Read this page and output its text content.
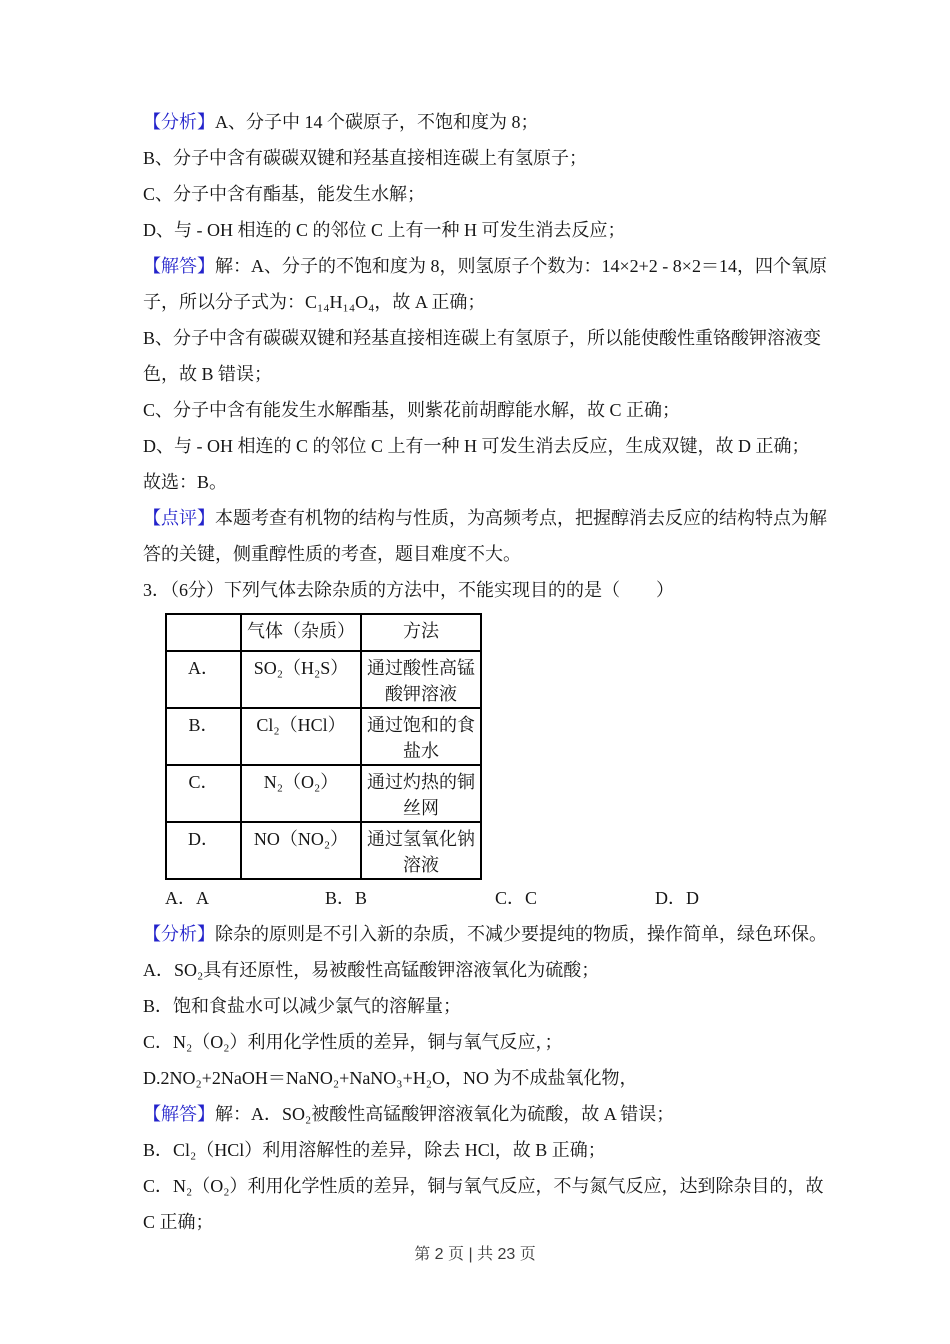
【分析】A、分子中 14 个碳原子，不饱和度为 8；
B、分子中含有碳碳双键和羟基直接相连碳上有氢原子；
C、分子中含有酯基，能发生水解；
D、与 - OH 相连的 C 的邻位 C 上有一种 H 可发生消去反应；
【解答】解：A、分子的不饱和度为 8，则氢原子个数为：14×2+2 - 8×2＝14，四个氧原
子，所以分子式为：C₁₄H₁₄O₄，故 A 正确；
B、分子中含有碳碳双键和羟基直接相连碳上有氢原子，所以能使酸性重铬酸钾溶液变
色，故 B 错误；
C、分子中含有能发生水解酯基，则紫花前胡醇能水解，故 C 正确；
D、与 - OH 相连的 C 的邻位 C 上有一种 H 可发生消去反应，生成双键，故 D 正确；
故选：B。
【点评】本题考查有机物的结构与性质，为高频考点，把握醇消去反应的结构特点为解
答的关键，侧重醇性质的考查，题目难度不大。
3．（6分）下列气体去除杂质的方法中，不能实现目的的是（　　）
	气体（杂质）	方法
A．	SO₂（H₂S）	通过酸性高锰酸钾溶液
B．	Cl₂（HCl）	通过饱和的食盐水
C．	N₂（O₂）	通过灼热的铜丝网
D．	NO（NO₂）	通过氢氧化钠溶液
A．A	B．B	C．C	D．D
【分析】除杂的原则是不引入新的杂质，不减少要提纯的物质，操作简单，绿色环保。
A．SO₂具有还原性，易被酸性高锰酸钾溶液氧化为硫酸；
B．饱和食盐水可以减少氯气的溶解量；
C．N₂（O₂）利用化学性质的差异，铜与氧气反应，；
D.2NO₂+2NaOH＝NaNO₂+NaNO₃+H₂O，NO 为不成盐氧化物，
【解答】解：A．SO₂被酸性高锰酸钾溶液氧化为硫酸，故 A 错误；
B．Cl₂（HCl）利用溶解性的差异，除去 HCl，故 B 正确；
C．N₂（O₂）利用化学性质的差异，铜与氧气反应，不与氮气反应，达到除杂目的，故
C 正确；
第 2 页 | 共 23 页
